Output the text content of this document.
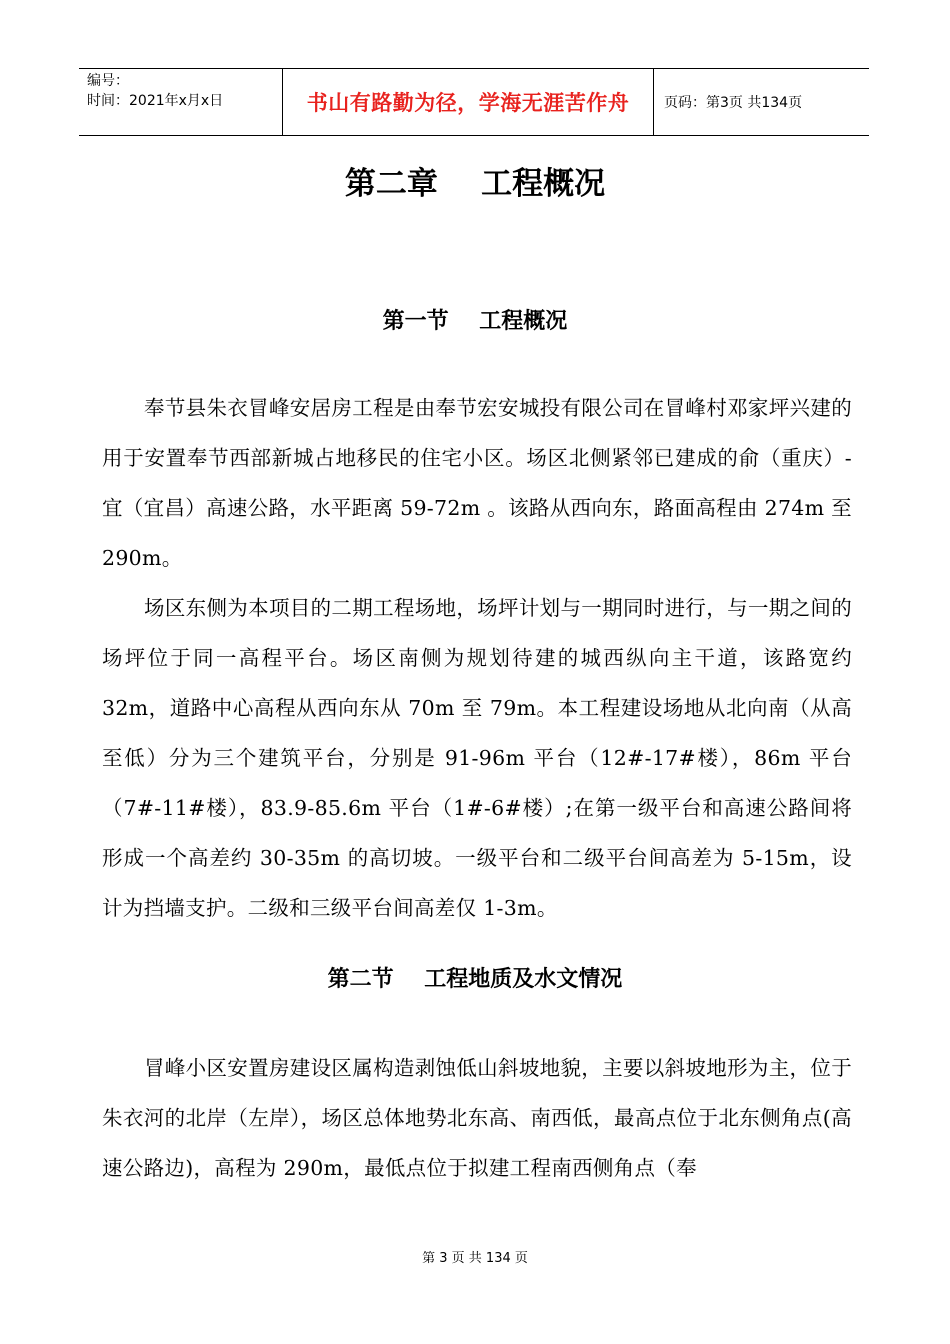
编号：
时间：2021年x月x日	书山有路勤为径，学海无涯苦作舟	页码：第3页 共134页
第二章    工程概况
第一节    工程概况
奉节县朱衣冒峰安居房工程是由奉节宏安城投有限公司在冒峰村邓家坪兴建的用于安置奉节西部新城占地移民的住宅小区。场区北侧紧邻已建成的俞（重庆）-宜（宜昌）高速公路，水平距离 59-72m 。该路从西向东，路面高程由 274m 至 290m。
场区东侧为本项目的二期工程场地，场坪计划与一期同时进行，与一期之间的场坪位于同一高程平台。场区南侧为规划待建的城西纵向主干道，该路宽约 32m，道路中心高程从西向东从 70m 至 79m。本工程建设场地从北向南（从高至低）分为三个建筑平台，分别是 91-96m 平台（12#-17#楼），86m 平台（7#-11#楼），83.9-85.6m 平台（1#-6#楼）;在第一级平台和高速公路间将形成一个高差约 30-35m 的高切坡。一级平台和二级平台间高差为 5-15m，设计为挡墙支护。二级和三级平台间高差仅 1-3m。
第二节    工程地质及水文情况
冒峰小区安置房建设区属构造剥蚀低山斜坡地貌，主要以斜坡地形为主，位于朱衣河的北岸（左岸），场区总体地势北东高、南西低，最高点位于北东侧角点(高速公路边)，高程为 290m，最低点位于拟建工程南西侧角点（奉
第 3 页 共 134 页
